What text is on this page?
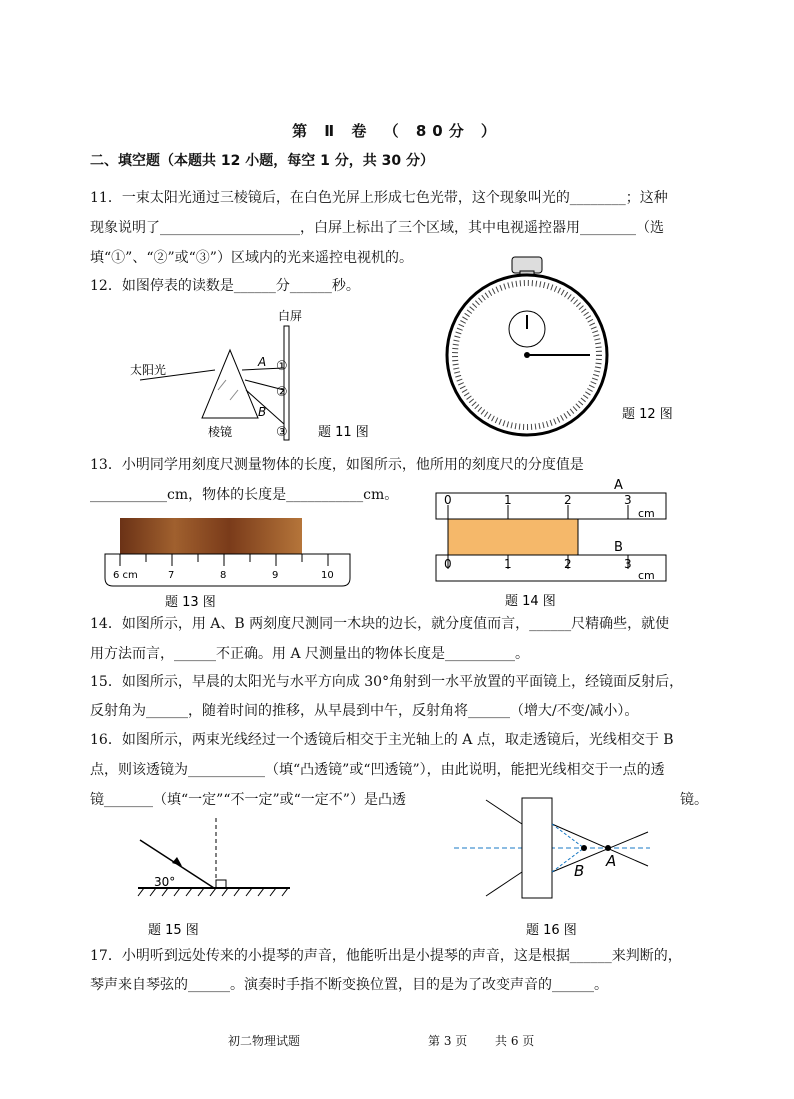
第 Ⅱ 卷 （ 80分 ）
二、填空题（本题共 12 小题，每空 1 分，共 30 分）
11．一束太阳光通过三棱镜后，在白色光屏上形成七色光带，这个现象叫光的________；这种
现象说明了____________________，白屏上标出了三个区域，其中电视遥控器用________（选
填“①”、“②”或“③”）区域内的光来遥控电视机的。
12．如图停表的读数是______分______秒。
白屏
太阳光
A
B
①
②
③
棱镜	题 11 图
题 12 图
13．小明同学用刻度尺测量物体的长度，如图所示，他所用的刻度尺的分度值是
___________cm，物体的长度是___________cm。
6 cm	7	8	9	10
题 13 图
A
B
0	1	2	3
cm
0	1	2	3
cm
题 14 图
14．如图所示，用 A、B 两刻度尺测同一木块的边长，就分度值而言，______尺精确些，就使
用方法而言，______不正确。用 A 尺测量出的物体长度是__________。
15．如图所示，早晨的太阳光与水平方向成 30°角射到一水平放置的平面镜上，经镜面反射后，
反射角为______，随着时间的推移，从早晨到中午，反射角将______（增大/不变/减小）。
16．如图所示，两束光线经过一个透镜后相交于主光轴上的 A 点，取走透镜后，光线相交于 B
点，则该透镜为___________（填“凸透镜”或“凹透镜”），由此说明，能把光线相交于一点的透
镜_______（填“一定”“不一定”或“一定不”）是凸透	镜。
30°
题 15 图
B
A
题 16 图
17．小明听到远处传来的小提琴的声音，他能听出是小提琴的声音，这是根据______来判断的，
琴声来自琴弦的______。演奏时手指不断变换位置，目的是为了改变声音的______。
初二物理试题	第 3 页 共 6 页
